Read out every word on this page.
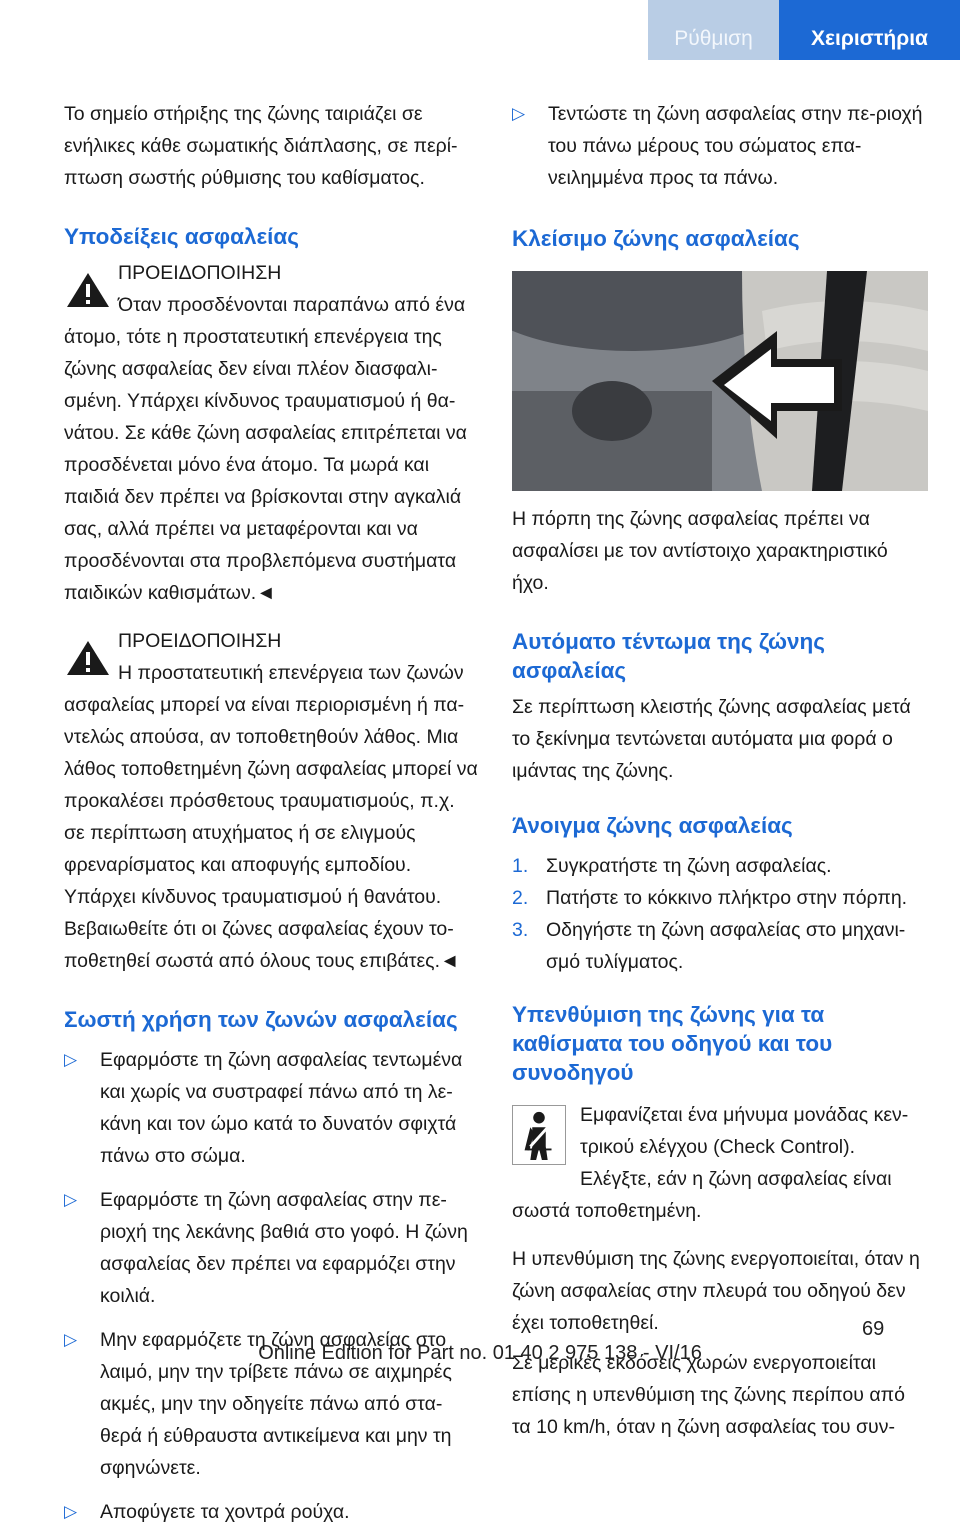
Ρύθμιση	Χειριστήρια

Το σημείο στήριξης της ζώνης ταιριάζει σε ενήλικες κάθε σωματικής διάπλασης, σε περί-πτωση σωστής ρύθμισης του καθίσματος.

Υποδείξεις ασφαλείας

ΠΡΟΕΙΔΟΠΟΙΗΣΗ

Όταν προσδένονται παραπάνω από ένα άτομο, τότε η προστατευτική επενέργεια της ζώνης ασφαλείας δεν είναι πλέον διασφαλι-σμένη. Υπάρχει κίνδυνος τραυματισμού ή θα-νάτου. Σε κάθε ζώνη ασφαλείας επιτρέπεται να προσδένεται μόνο ένα άτομο. Τα μωρά και παιδιά δεν πρέπει να βρίσκονται στην αγκαλιά σας, αλλά πρέπει να μεταφέρονται και να προσδένονται στα προβλεπόμενα συστήματα παιδικών καθισμάτων.◄

ΠΡΟΕΙΔΟΠΟΙΗΣΗ

Η προστατευτική επενέργεια των ζωνών ασφαλείας μπορεί να είναι περιορισμένη ή πα-ντελώς απούσα, αν τοποθετηθούν λάθος. Μια λάθος τοποθετημένη ζώνη ασφαλείας μπορεί να προκαλέσει πρόσθετους τραυματισμούς, π.χ. σε περίπτωση ατυχήματος ή σε ελιγμούς φρεναρίσματος και αποφυγής εμποδίου. Υπάρχει κίνδυνος τραυματισμού ή θανάτου. Βεβαιωθείτε ότι οι ζώνες ασφαλείας έχουν το-ποθετηθεί σωστά από όλους τους επιβάτες.◄

Σωστή χρήση των ζωνών ασφαλείας
▷	Εφαρμόστε τη ζώνη ασφαλείας τεντωμένα και χωρίς να συστραφεί πάνω από τη λε-κάνη και τον ώμο κατά το δυνατόν σφιχτά πάνω στο σώμα.
▷	Εφαρμόστε τη ζώνη ασφαλείας στην πε-ριοχή της λεκάνης βαθιά στο γοφό. Η ζώνη ασφαλείας δεν πρέπει να εφαρμόζει στην κοιλιά.
▷	Μην εφαρμόζετε τη ζώνη ασφαλείας στο λαιμό, μην την τρίβετε πάνω σε αιχμηρές ακμές, μην την οδηγείτε πάνω από στα-θερά ή εύθραυστα αντικείμενα και μην τη σφηνώνετε.
▷	Αποφύγετε τα χοντρά ρούχα.
▷	Τεντώστε τη ζώνη ασφαλείας στην πε-ριοχή του πάνω μέρους του σώματος επα-νειλημμένα προς τα πάνω.
Κλείσιμο ζώνης ασφαλείας

Η πόρπη της ζώνης ασφαλείας πρέπει να ασφαλίσει με τον αντίστοιχο χαρακτηριστικό ήχο.

Αυτόματο τέντωμα της ζώνης ασφαλείας

Σε περίπτωση κλειστής ζώνης ασφαλείας μετά το ξεκίνημα τεντώνεται αυτόματα μια φορά ο ιμάντας της ζώνης.

Άνοιγμα ζώνης ασφαλείας
1. Συγκρατήστε τη ζώνη ασφαλείας.
2. Πατήστε το κόκκινο πλήκτρο στην πόρπη.
3. Οδηγήστε τη ζώνη ασφαλείας στο μηχανι-σμό τυλίγματος.
Υπενθύμιση της ζώνης για τα καθίσματα του οδηγού και του συνοδηγού

Εμφανίζεται ένα μήνυμα μονάδας κεν-τρικού ελέγχου (Check Control). Ελέγξτε, εάν η ζώνη ασφαλείας είναι σωστά τοποθετημένη.

Η υπενθύμιση της ζώνης ενεργοποιείται, όταν η ζώνη ασφαλείας στην πλευρά του οδηγού δεν έχει τοποθετηθεί.

Σε μερικές εκδόσεις χωρών ενεργοποιείται επίσης η υπενθύμιση της ζώνης περίπου από τα 10 km/h, όταν η ζώνη ασφαλείας του συν-

69
Online Edition for Part no. 01 40 2 975 138 - VI/16
